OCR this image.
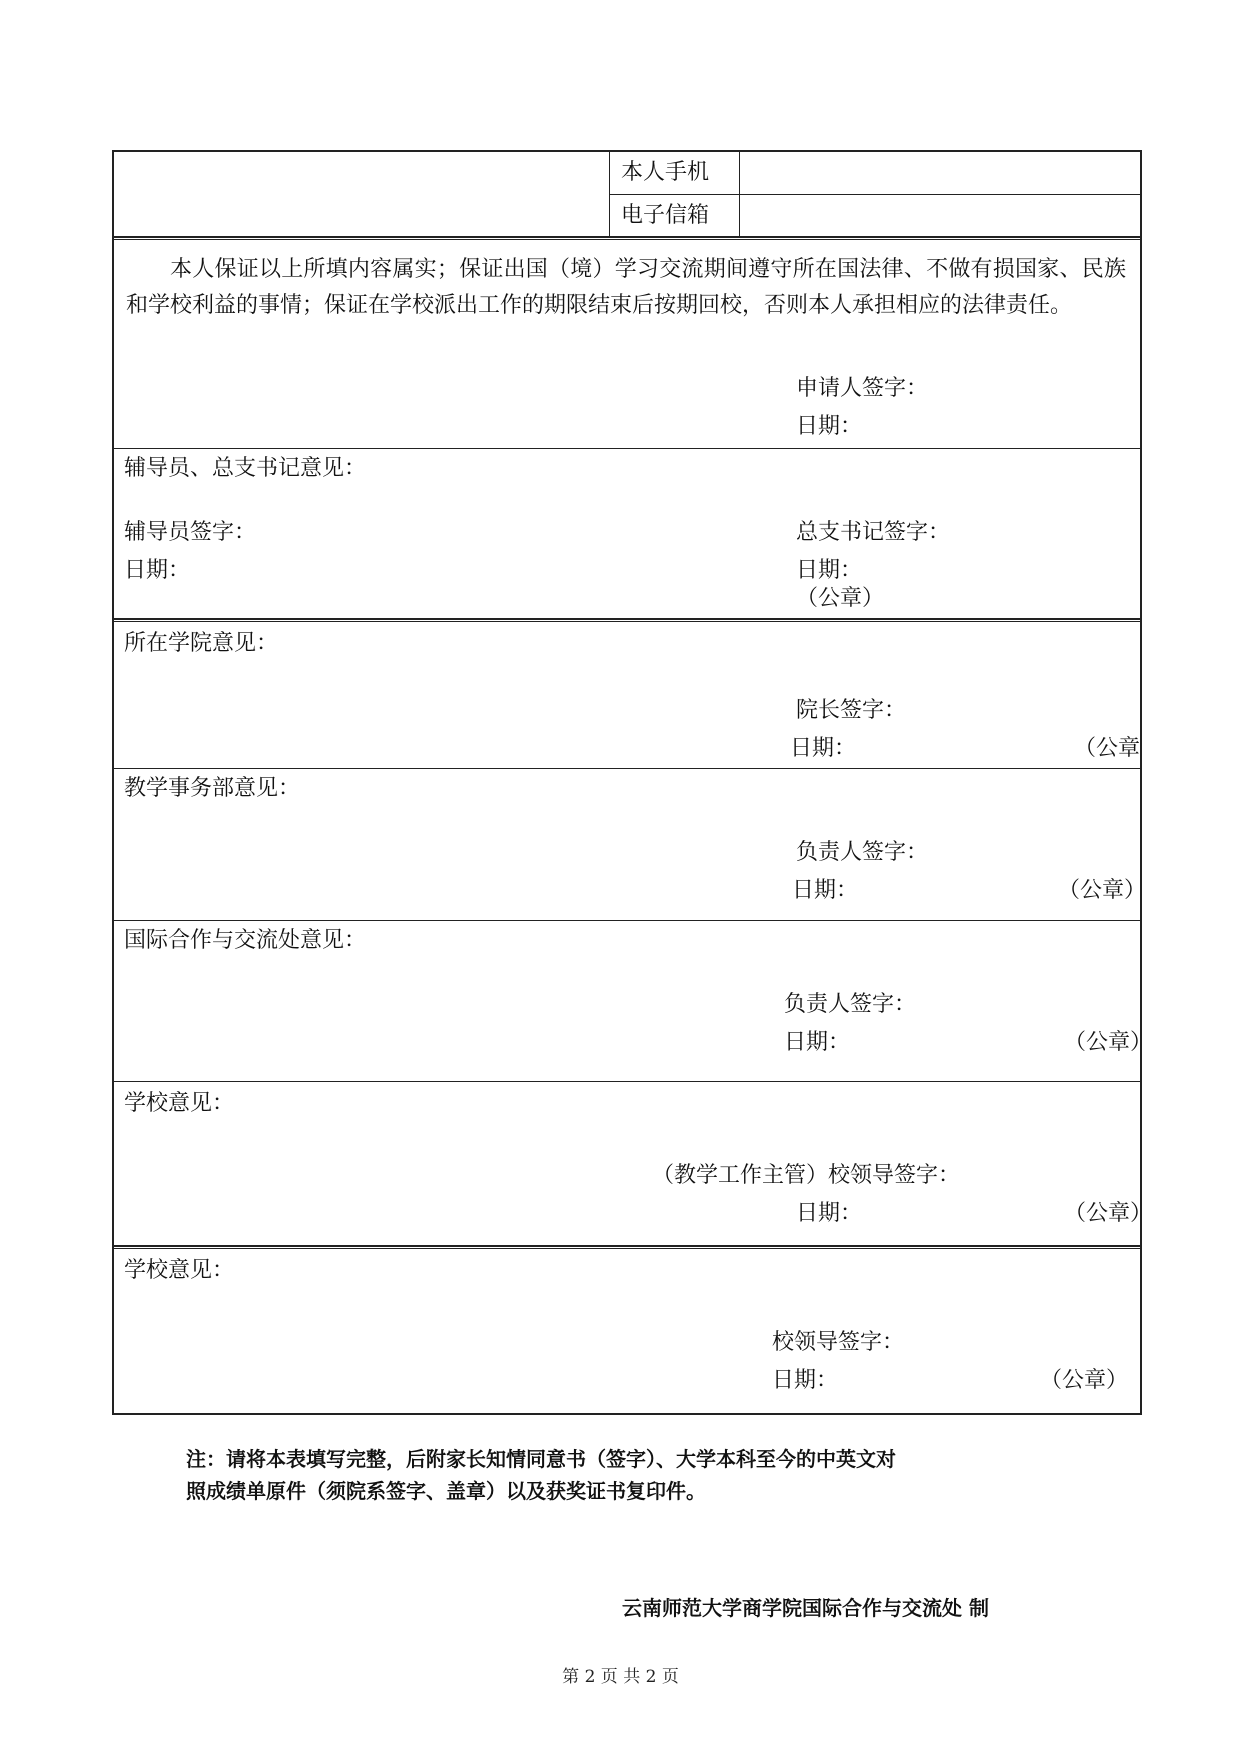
本人手机
电子信箱

本人保证以上所填内容属实；保证出国（境）学习交流期间遵守所在国法律、不做有损国家、民族和学校利益的事情；保证在学校派出工作的期限结束后按期回校，否则本人承担相应的法律责任。

申请人签字：
日期：
辅导员、总支书记意见：
辅导员签字：
日期：
总支书记签字：
日期：
（公章）
所在学院意见：
院长签字：
日期：	（公章
教学事务部意见：
负责人签字：
日期：	（公章）
国际合作与交流处意见：
负责人签字：
日期：	（公章）
学校意见：
（教学工作主管）校领导签字：
日期：	（公章）
学校意见：
校领导签字：
日期：	（公章）
注：请将本表填写完整，后附家长知情同意书（签字）、大学本科至今的中英文对
照成绩单原件（须院系签字、盖章）以及获奖证书复印件。
云南师范大学商学院国际合作与交流处 制
第 2 页 共 2 页
